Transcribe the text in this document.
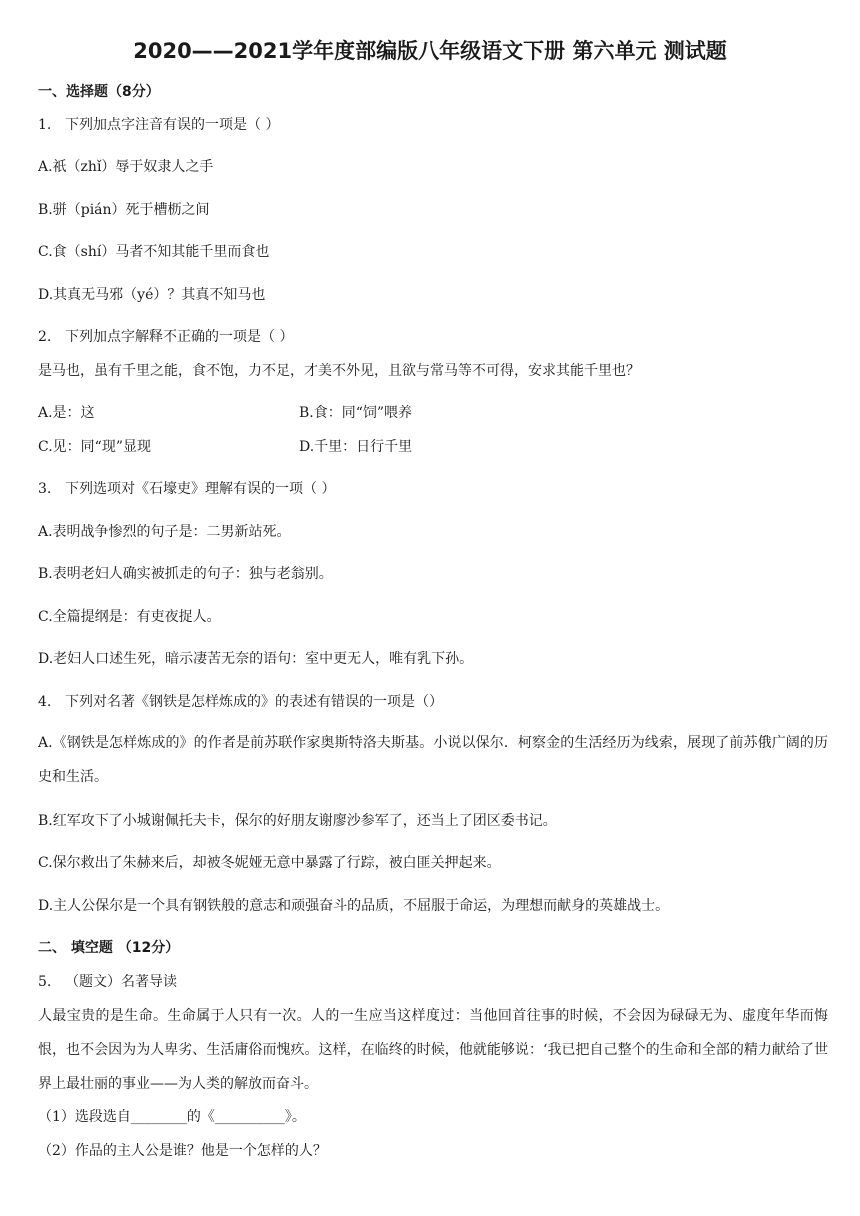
2020——2021学年度部编版八年级语文下册 第六单元 测试题
一、选择题（8分）
1. 下列加点字注音有误的一项是（ ）
A.祇（zhǐ）辱于奴隶人之手
B.骈（pián）死于槽枥之间
C.食（shí）马者不知其能千里而食也
D.其真无马邪（yé）？其真不知马也
2. 下列加点字解释不正确的一项是（ ）
是马也，虽有千里之能，食不饱，力不足，才美不外见，且欲与常马等不可得，安求其能千里也？
A.是：这	B.食：同“饲”喂养
C.见：同“现”显现	D.千里：日行千里
3. 下列选项对《石壕吏》理解有误的一项（ ）
A.表明战争惨烈的句子是：二男新站死。
B.表明老妇人确实被抓走的句子：独与老翁别。
C.全篇提纲是：有吏夜捉人。
D.老妇人口述生死，暗示凄苦无奈的语句：室中更无人，唯有乳下孙。
4. 下列对名著《钢铁是怎样炼成的》的表述有错误的一项是（）
A.《钢铁是怎样炼成的》的作者是前苏联作家奥斯特洛夫斯基。小说以保尔．柯察金的生活经历为线索，展现了前苏俄广阔的历史和生活。
B.红军攻下了小城谢佩托夫卡，保尔的好朋友谢廖沙参军了，还当上了团区委书记。
C.保尔救出了朱赫来后，却被冬妮娅无意中暴露了行踪，被白匪关押起来。
D.主人公保尔是一个具有钢铁般的意志和顽强奋斗的品质，不屈服于命运，为理想而献身的英雄战士。
二、 填空题 （12分）
5. （题文）名著导读
人最宝贵的是生命。生命属于人只有一次。人的一生应当这样度过：当他回首往事的时候，不会因为碌碌无为、虚度年华而悔恨，也不会因为为人卑劣、生活庸俗而愧疚。这样，在临终的时候，他就能够说：‘我已把自己整个的生命和全部的精力献给了世界上最壮丽的事业——为人类的解放而奋斗。
（1）选段选自________的《__________》。
（2）作品的主人公是谁？他是一个怎样的人？
